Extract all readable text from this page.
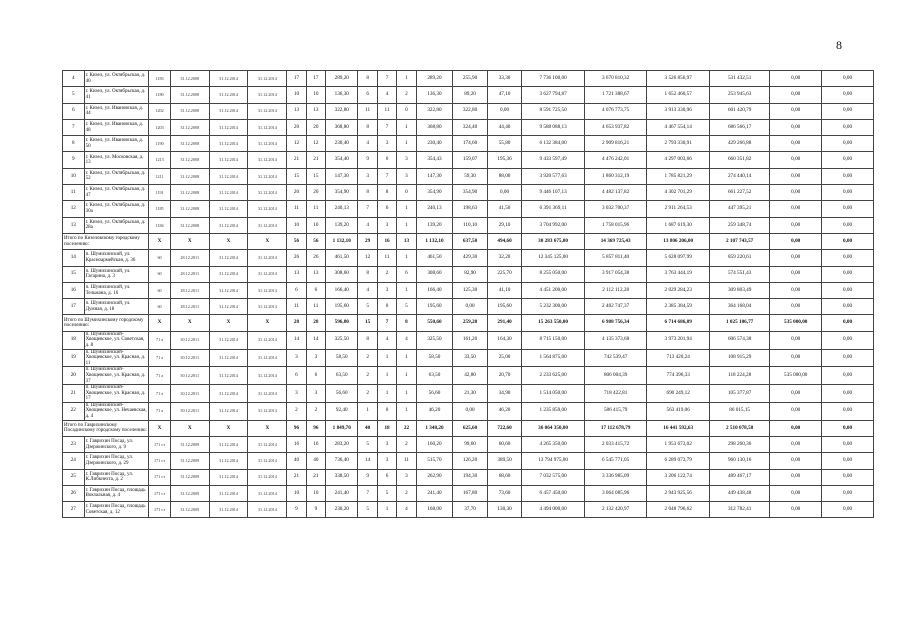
8
4	г. Кизел, ул. Октябрьская, д. 40	1183	31.12.2008	31.12.2014	31.12.2014	17	17	289,20	8	7	1	289,20	255,90	33,30	7 736 100,00	3 670 810,32	3 526 856,97	531 432,51	0,00	0,00
5	г. Кизел, ул. Октябрьская, д. 41	1180	31.12.2008	31.12.2014	31.12.2014	10	10	136,30	6	4	2	136,30	89,20	47,10	3 627 794,87	1 721 388,67	1 652 460,57	253 945,63	0,00	0,00
6	г. Кизел, ул. Ивановская, д. 44	1202	31.12.2008	31.12.2014	31.12.2014	13	13	322,80	11	11	0	322,80	322,80	0,00	8 591 725,50	4 076 773,75	3 913 330,96	601 420,79	0,00	0,00
7	г. Кизел, ул. Ивановская, д. 48	1203	31.12.2008	31.12.2014	31.12.2014	20	20	368,80	8	7	1	368,80	324,40	44,40	9 588 088,13	4 653 937,82	4 467 554,14	686 566,17	0,00	0,00
8	г. Кизел, ул. Ивановская, д. 50	1190	31.12.2008	31.12.2014	31.12.2014	12	12	230,40	4	3	1	230,40	174,60	55,80	6 132 384,00	2 909 816,21	2 793 330,91	429 266,88	0,00	0,00
9	г. Кизел, ул. Московская, д. 13	1213	31.12.2008	31.12.2014	31.12.2014	21	21	354,40	9	6	3	354,43	159,07	195,36	9 433 597,49	4 476 242,01	4 297 003,66	660 351,82	0,00	0,00
10	г. Кизел, ул. Октябрьская, д. 52	1211	31.12.2008	31.12.2014	31.12.2014	15	15	147,30	3	7	3	147,30	59,30	88,00	3 920 577,63	1 860 312,19	1 785 821,29	274 440,14	0,00	0,00
11	г. Кизел, ул. Октябрьская, д. 47	1191	31.12.2008	31.12.2014	31.12.2014	20	20	354,90	8	8	0	354,90	354,90	0,00	9 446 107,13	4 482 137,82	4 302 701,29	661 227,52	0,00	0,00
12	г. Кизел, ул. Октябрьская, д. 30а	1185	31.12.2008	31.12.2014	31.12.2014	11	11	240,13	7	6	1	240,13	198,63	41,50	6 391 369,11	3 032 700,37	2 911 264,53	447 395,21	0,00	0,00
13	г. Кизел, ул. Октябрьская, д. 28а	1184	31.12.2008	31.12.2014	31.12.2014	10	10	139,20	4	3	1	139,20	110,10	29,10	3 704 992,00	1 758 015,96	1 687 619,30	259 348,74	0,00	0,00
Итого по Кизеловскому городскому поселению:		X	X	X	X	56	56	1 132,10	29	16	13	1 132,10	637,50	494,60	30 283 675,00	14 369 725,43	13 806 206,00	2 107 743,57	0,00	0,00
14	п. Шумихинский, ул. Красноармейская, д. 36	60	28.12.2011	31.12.2014	31.12.2014	26	26	461,50	12	11	1	461,50	429,30	32,20	12 345 125,00	5 857 811,40	5 628 097,99	859 220,61	0,00	0,00
15	п. Шумихинский, ул. Гагарина, д. 3	60	28.12.2011	31.12.2014	31.12.2014	13	13	308,60	8	2	6	308,60	82,90	225,70	8 255 050,00	3 917 054,38	3 763 444,19	574 551,43	0,00	0,00
16	п. Шумихинский, ул. Тельмана, д. 16	60	28.12.2011	31.12.2014	31.12.2014	6	6	166,40	4	3	1	166,40	125,30	41,10	4 451 200,00	2 112 112,28	2 029 284,23	309 803,49	0,00	0,00
17	п. Шумихинский, ул. Думная, д. 18	60	28.12.2011	31.12.2014	31.12.2014	11	11	195,60	5	0	5	195,60	0,00	195,60	5 232 300,00	2 482 747,37	2 385 384,59	364 168,04	0,00	0,00
Итого по Шумихинскому городскому поселению:		X	X	X	X	28	28	596,80	15	7	8	550,60	259,20	291,40	15 263 550,00	6 988 756,34	6 714 686,89	1 025 106,77	535 000,00	0,00
18	п. Шумихинский-Хвощевское, ул. Советская, д. 8	71 а	30.12.2011	31.12.2014	31.12.2014	14	14	325,50	8	4	4	325,50	161,20	164,30	8 715 150,00	4 135 373,68	3 973 201,94	606 574,38	0,00	0,00
19	п. Шумихинский-Хвощевское, ул. Красная, д. 11	71 а	30.12.2011	31.12.2014	31.12.2014	3	3	58,50	2	1	1	58,50	33,50	25,00	1 564 875,00	742 539,47	713 420,24	108 915,29	0,00	0,00
20	п. Шумихинский-Хвощевское, ул. Красная, д. 37	71 а	30.12.2011	31.12.2014	31.12.2014	6	6	63,50	2	1	1	63,50	42,80	20,70	2 233 625,00	806 004,39	774 396,33	118 224,28	535 000,00	0,00
21	п. Шумихинский-Хвощевское, ул. Красная, д. 17	71 а	30.12.2011	31.12.2014	31.12.2014	3	3	56,60	2	1	1	56,60	21,30	34,90	1 514 050,00	718 422,81	690 249,12	105 377,87	0,00	0,00
22	п. Шумихинский-Хвощевское, ул. Нечаевская, д. 4	71 а	30.12.2011	31.12.2014	31.12.2014	2	2	92,40	1	0	1	46,20	0,00	46,20	1 235 850,00	586 415,79	563 419,06	86 015,15	0,00	0,00
Итого по Гаврихинскому Посадинскому городскому поселению:		X	X	X	X	96	96	1 849,70	40	18	22	1 348,20	625,60	722,60	36 064 350,00	17 112 678,79	16 441 592,63	2 510 078,58	0,00	0,00
23	г. Гаврихин Посад, ул. Дзержинского, д. 9	171 ст	31.12.2009	31.12.2014	31.12.2014	16	16	283,20	5	3	2	160,20	99,60	60,60	4 265 350,00	2 033 415,72	1 953 673,02	298 260,36	0,00	0,00
24	г. Гаврихин Посад, ул. Дзержинского, д. 29	171 ст	31.12.2009	31.12.2014	31.12.2014	40	40	736,40	14	3	11	515,70	126,20	389,50	13 794 975,00	6 545 771,05	6 289 073,79	960 130,16	0,00	0,00
25	г. Гаврихин Посад, ул. К.Либкнехта, д. 2	171 ст	31.12.2009	31.12.2014	31.12.2014	21	21	338,50	9	6	3	262,90	194,30	68,60	7 032 575,00	3 336 985,09	3 206 122,74	489 467,17	0,00	0,00
26	г. Гаврихин Посад, площадь Вокзальная, д. 4	171 ст	31.12.2009	31.12.2014	31.12.2014	10	10	241,40	7	5	2	241,40	167,80	73,60	6 457 450,00	3 064 085,96	2 943 925,56	449 438,48	0,00	0,00
27	г. Гаврихин Посад, площадь Советская, д. 12	171 ст	31.12.2009	31.12.2014	31.12.2014	9	9	230,20	5	1	4	168,00	37,70	130,30	4 494 000,00	2 132 420,97	2 048 796,62	312 782,41	0,00	0,00
